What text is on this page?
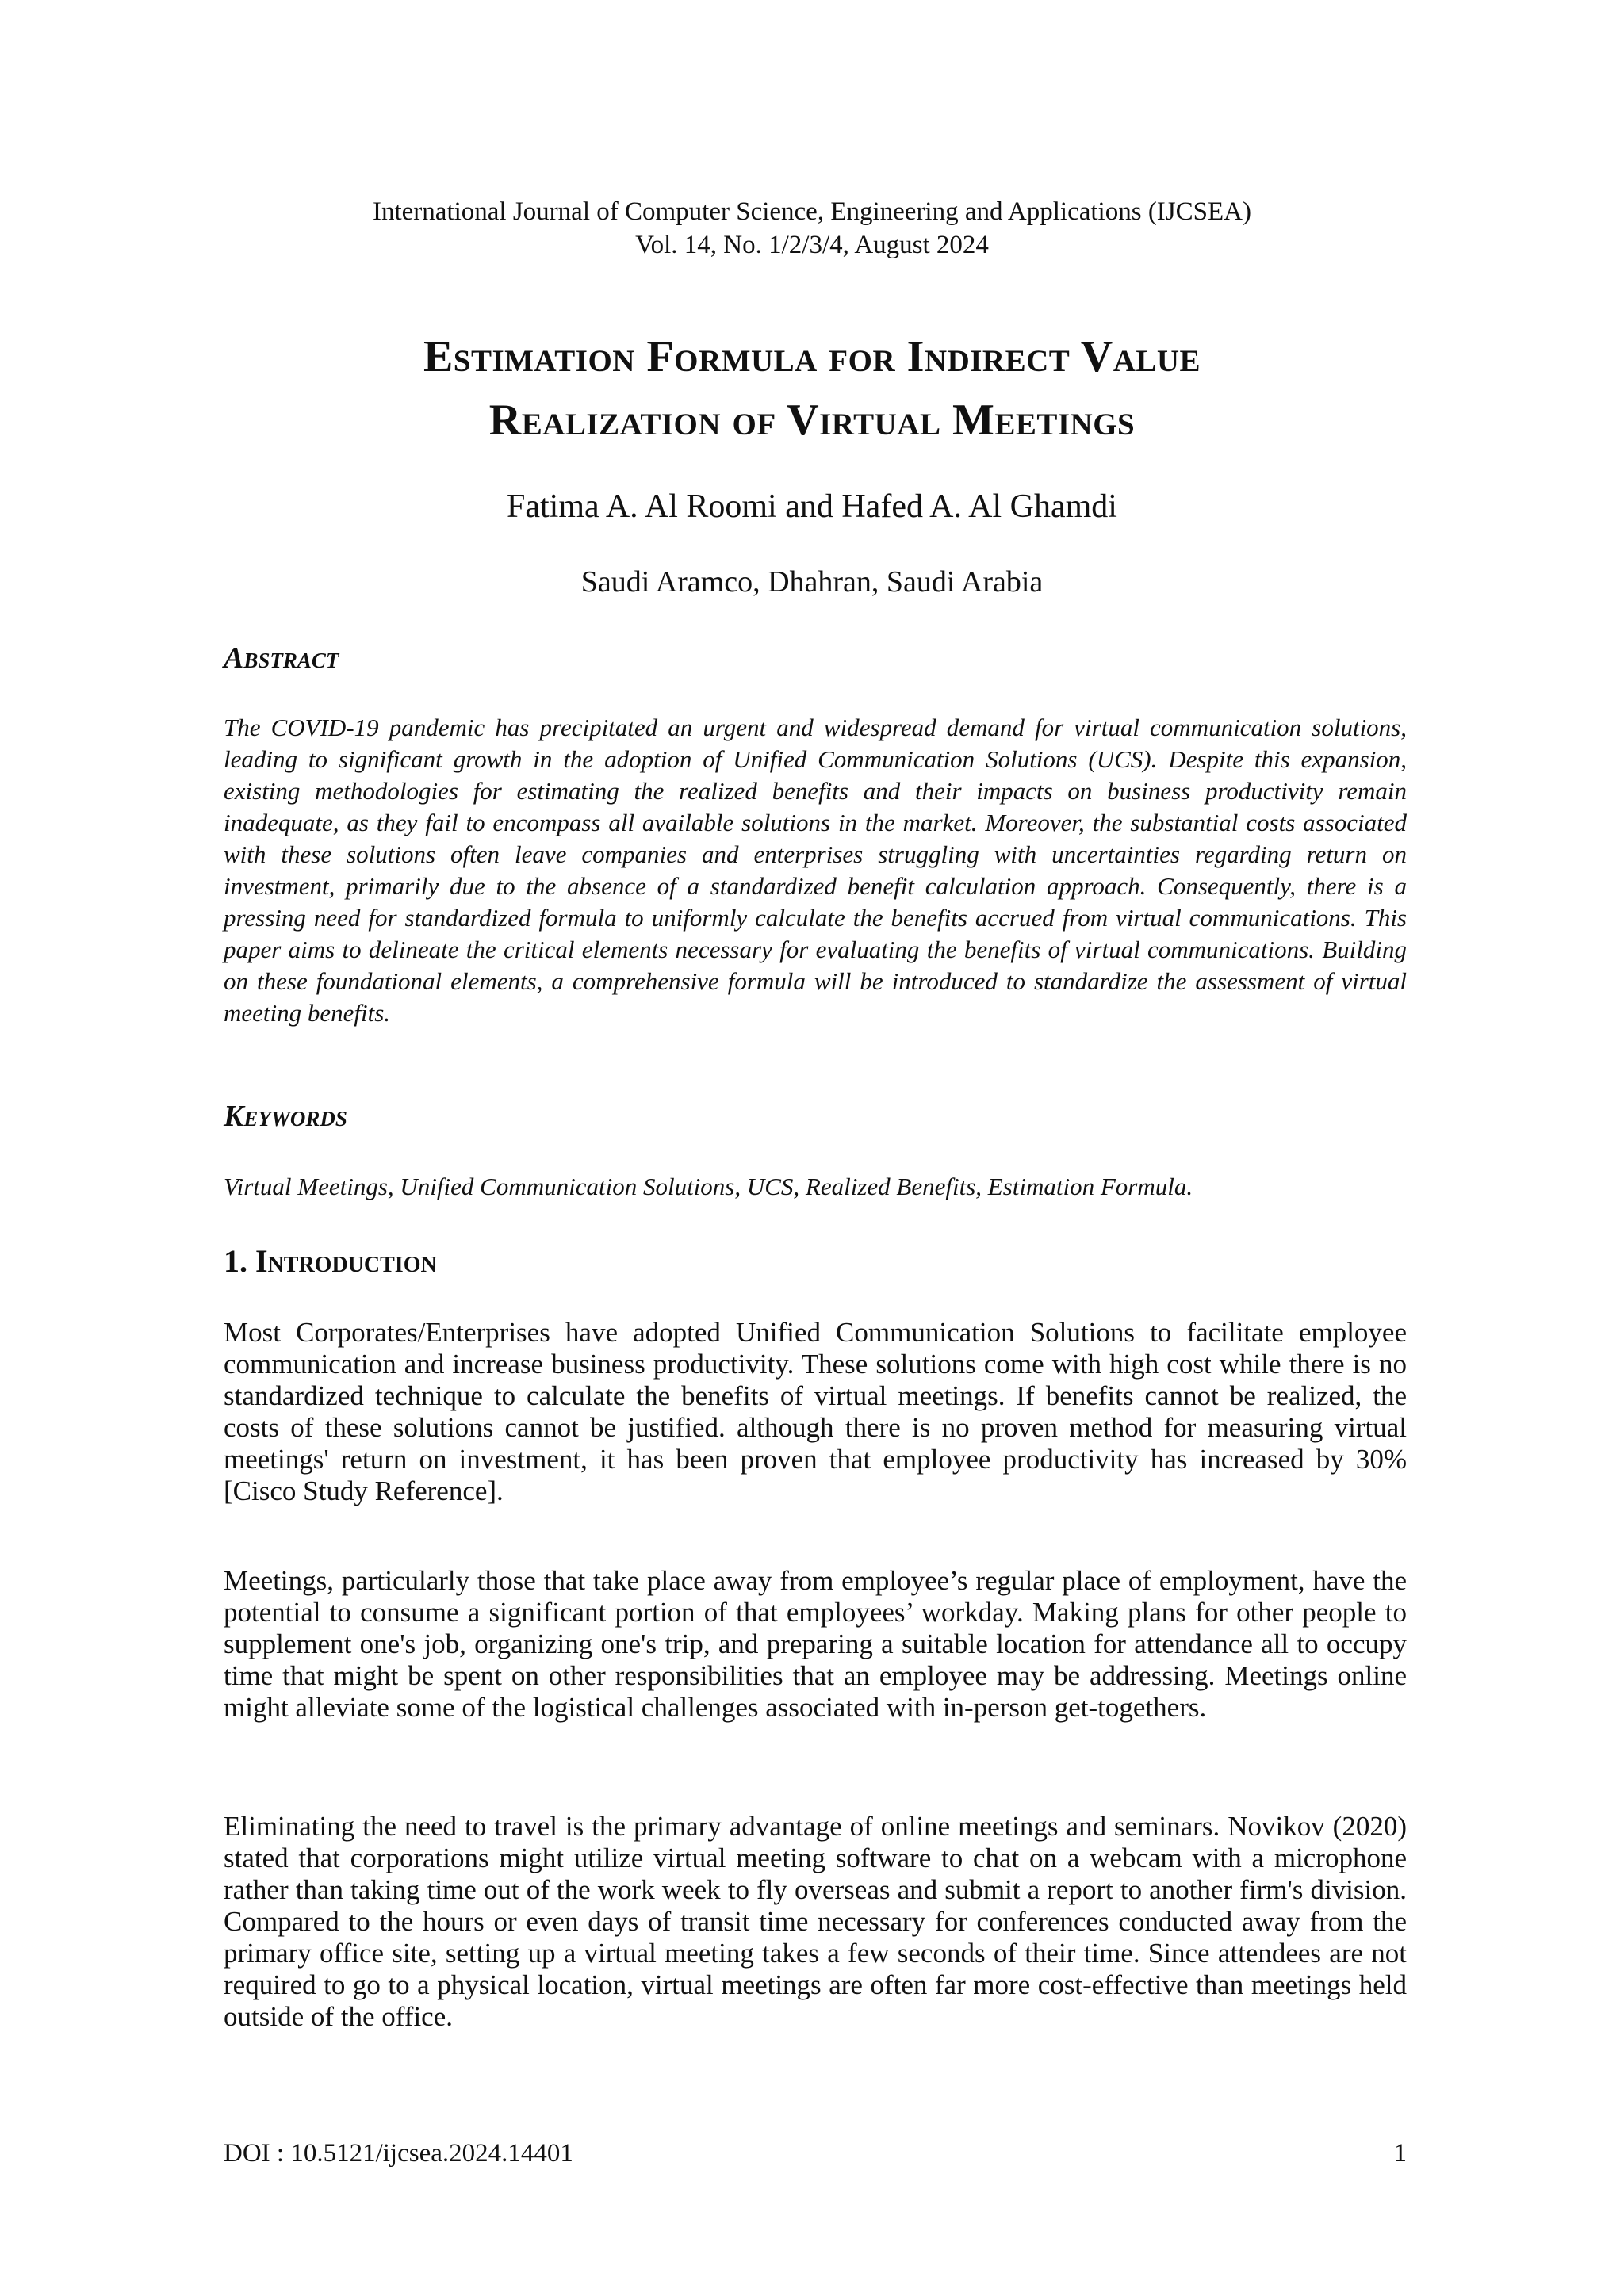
International Journal of Computer Science, Engineering and Applications (IJCSEA)
Vol. 14, No. 1/2/3/4, August 2024
Estimation Formula for Indirect Value
Realization of Virtual Meetings
Fatima A. Al Roomi and Hafed A. Al Ghamdi
Saudi Aramco, Dhahran, Saudi Arabia
Abstract
The COVID-19 pandemic has precipitated an urgent and widespread demand for virtual communication solutions, leading to significant growth in the adoption of Unified Communication Solutions (UCS). Despite this expansion, existing methodologies for estimating the realized benefits and their impacts on business productivity remain inadequate, as they fail to encompass all available solutions in the market. Moreover, the substantial costs associated with these solutions often leave companies and enterprises struggling with uncertainties regarding return on investment, primarily due to the absence of a standardized benefit calculation approach. Consequently, there is a pressing need for standardized formula to uniformly calculate the benefits accrued from virtual communications. This paper aims to delineate the critical elements necessary for evaluating the benefits of virtual communications. Building on these foundational elements, a comprehensive formula will be introduced to standardize the assessment of virtual meeting benefits.
Keywords
Virtual Meetings, Unified Communication Solutions, UCS, Realized Benefits, Estimation Formula.
1. Introduction
Most Corporates/Enterprises have adopted Unified Communication Solutions to facilitate employee communication and increase business productivity. These solutions come with high cost while there is no standardized technique to calculate the benefits of virtual meetings. If benefits cannot be realized, the costs of these solutions cannot be justified. although there is no proven method for measuring virtual meetings' return on investment, it has been proven that employee productivity has increased by 30% [Cisco Study Reference].
Meetings, particularly those that take place away from employee’s regular place of employment, have the potential to consume a significant portion of that employees’ workday. Making plans for other people to supplement one's job, organizing one's trip, and preparing a suitable location for attendance all to occupy time that might be spent on other responsibilities that an employee may be addressing. Meetings online might alleviate some of the logistical challenges associated with in-person get-togethers.
Eliminating the need to travel is the primary advantage of online meetings and seminars. Novikov (2020) stated that corporations might utilize virtual meeting software to chat on a webcam with a microphone rather than taking time out of the work week to fly overseas and submit a report to another firm's division. Compared to the hours or even days of transit time necessary for conferences conducted away from the primary office site, setting up a virtual meeting takes a few seconds of their time. Since attendees are not required to go to a physical location, virtual meetings are often far more cost-effective than meetings held outside of the office.
DOI : 10.5121/ijcsea.2024.14401	1
